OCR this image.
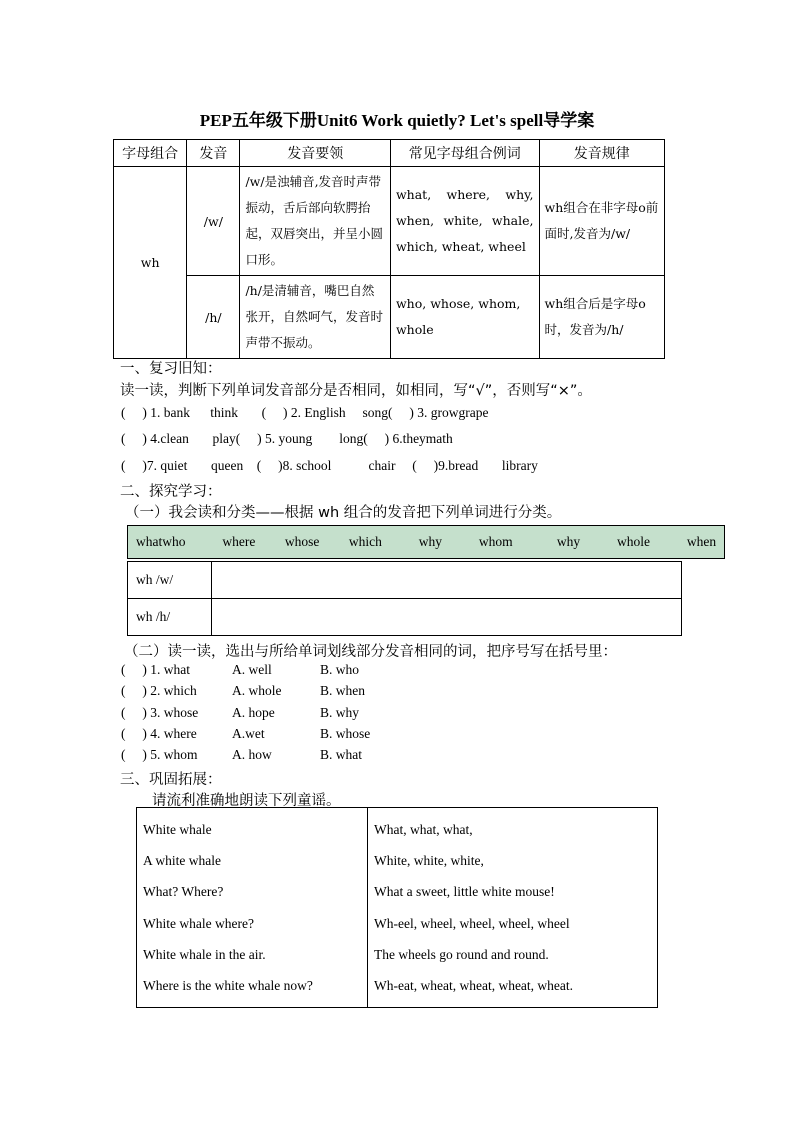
PEP五年级下册Unit6 Work quietly? Let's spell导学案
字母组合	发音	发音要领	常见字母组合例词	发音规律
wh	/w/	/w/是浊辅音,发音时声带振动，舌后部向软腭抬起，双唇突出，并呈小圆口形。	what, where, why, when, white, whale, which, wheat, wheel	wh组合在非字母o前面时,发音为/w/
	/h/	/h/是清辅音，嘴巴自然张开，自然呵气，发音时声带不振动。	who, whose, whom, whole	wh组合后是字母o时，发音为/h/
一、复习旧知：
读一读，判断下列单词发音部分是否相同，如相同，写“√”，否则写“×”。
(     ) 1. bank      think       (     ) 2. English     song(     ) 3. growgrape
(     ) 4.clean       play(     ) 5. young        long(     ) 6.theymath
(     )7. quiet       queen    (     )8. school           chair     (     )9.bread       library
二、探究学习：
（一）我会读和分类——根据 wh 组合的发音把下列单词进行分类。
whatwho     where    whose    which     why     whom      why     whole     when
wh /w/	
wh /h/	
（二）读一读，选出与所给单词划线部分发音相同的词，把序号写在括号里：
(     ) 1. what	A. well	B. who
(     ) 2. which	A. whole	B. when
(     ) 3. whose	A. hope	B. why
(     ) 4. where	A.wet	B. whose
(     ) 5. whom	A. how	B. what
三、巩固拓展：
请流利准确地朗读下列童谣。
White whale
A white whale
What? Where?
White whale where?
White whale in the air.
Where is the white whale now?

What, what, what,
White, white, white,
What a sweet, little white mouse!
Wh-eel, wheel, wheel, wheel, wheel
The wheels go round and round.
Wh-eat, wheat, wheat, wheat, wheat.
